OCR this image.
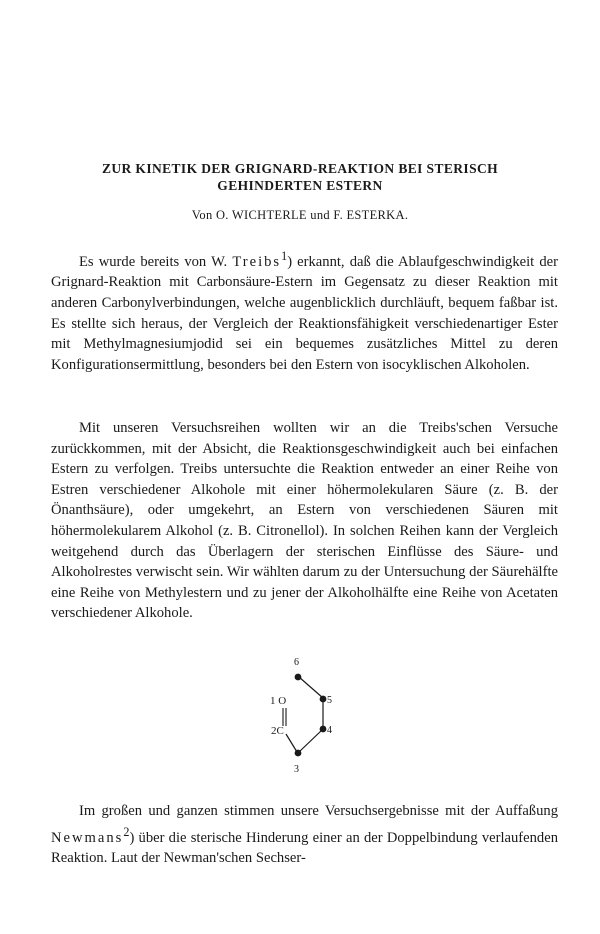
ZUR KINETIK DER GRIGNARD-REAKTION BEI STERISCH
GEHINDERTEN ESTERN
Von O. WICHTERLE und F. ESTERKA.

Es wurde bereits von W. Treibs$^1$) erkannt, daß die Ablaufgeschwindigkeit der Grignard-Reaktion mit Carbonsäure-Estern im Gegensatz zu dieser Reaktion mit anderen Carbonylverbindungen, welche augenblicklich durchläuft, bequem faßbar ist. Es stellte sich heraus, der Vergleich der Reaktionsfähigkeit verschiedenartiger Ester mit Methylmagnesiumjodid sei ein bequemes zusätzliches Mittel zu deren Konfigurationsermittlung, besonders bei den Estern von isocyklischen Alkoholen.

Mit unseren Versuchsreihen wollten wir an die Treibs'schen Versuche zurückkommen, mit der Absicht, die Reaktionsgeschwindigkeit auch bei einfachen Estern zu verfolgen. Treibs untersuchte die Reaktion entweder an einer Reihe von Estren verschiedener Alkohole mit einer höhermolekularen Säure (z. B. der Önanthsäure), oder umgekehrt, an Estern von verschiedenen Säuren mit höhermolekularem Alkohol (z. B. Citronellol). In solchen Reihen kann der Vergleich weitgehend durch das Überlagern der sterischen Einflüsse des Säure- und Alkoholrestes verwischt sein. Wir wählten darum zu der Untersuchung der Säurehälfte eine Reihe von Methylestern und zu jener der Alkoholhälfte eine Reihe von Acetaten verschiedener Alkohole.

6
1 O	5
2C	4
3

Im großen und ganzen stimmen unsere Versuchsergebnisse mit der Auffaßung Newmans$^2$) über die sterische Hinderung einer an der Doppelbindung verlaufenden Reaktion. Laut der Newman'schen Sechser-
